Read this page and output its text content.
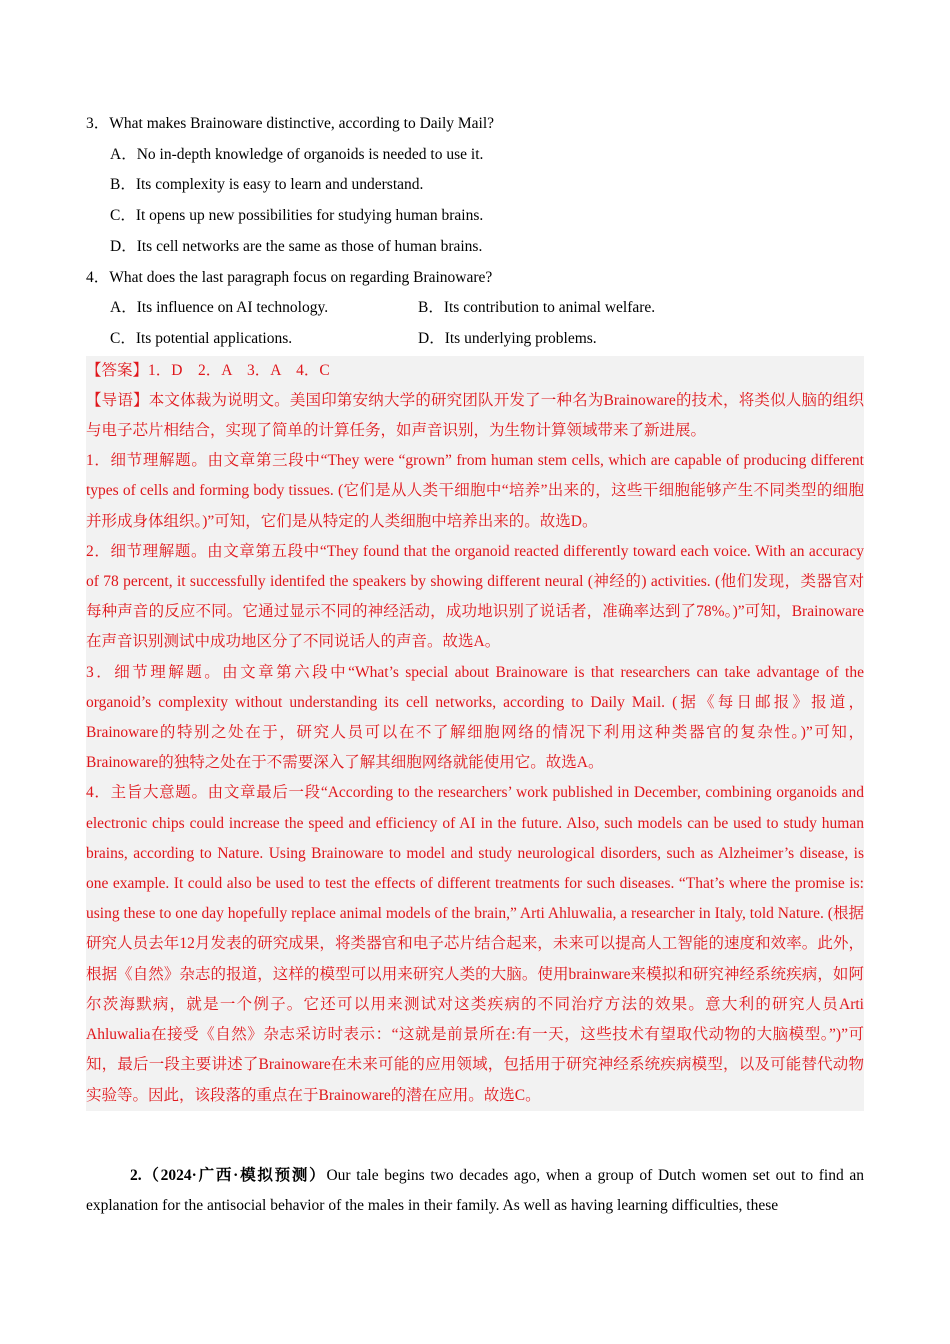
3．What makes Brainoware distinctive, according to Daily Mail?
A．No in-depth knowledge of organoids is needed to use it.
B．Its complexity is easy to learn and understand.
C．It opens up new possibilities for studying human brains.
D．Its cell networks are the same as those of human brains.
4．What does the last paragraph focus on regarding Brainoware?
A．Its influence on AI technology.	B．Its contribution to animal welfare.
C．Its potential applications.	D．Its underlying problems.

【答案】1．D　2．A　3．A　4．C

【导语】本文体裁为说明文。美国印第安纳大学的研究团队开发了一种名为Brainoware的技术，将类似人脑的组织与电子芯片相结合，实现了简单的计算任务，如声音识别，为生物计算领域带来了新进展。

1．细节理解题。由文章第三段中“They were “grown” from human stem cells, which are capable of producing different types of cells and forming body tissues. (它们是从人类干细胞中“培养”出来的，这些干细胞能够产生不同类型的细胞并形成身体组织。)”可知，它们是从特定的人类细胞中培养出来的。故选D。

2．细节理解题。由文章第五段中“They found that the organoid reacted differently toward each voice. With an accuracy of 78 percent, it successfully identifed the speakers by showing different neural (神经的) activities. (他们发现，类器官对每种声音的反应不同。它通过显示不同的神经活动，成功地识别了说话者，准确率达到了78%。)”可知，Brainoware在声音识别测试中成功地区分了不同说话人的声音。故选A。

3．细节理解题。由文章第六段中“What’s special about Brainoware is that researchers can take advantage of the organoid’s complexity without understanding its cell networks, according to Daily Mail. (据《每日邮报》报道，Brainoware的特别之处在于，研究人员可以在不了解细胞网络的情况下利用这种类器官的复杂性。)”可知，Brainoware的独特之处在于不需要深入了解其细胞网络就能使用它。故选A。

4．主旨大意题。由文章最后一段“According to the researchers’ work published in December, combining organoids and electronic chips could increase the speed and efficiency of AI in the future. Also, such models can be used to study human brains, according to Nature. Using Brainoware to model and study neurological disorders, such as Alzheimer’s disease, is one example. It could also be used to test the effects of different treatments for such diseases. “That’s where the promise is: using these to one day hopefully replace animal models of the brain,” Arti Ahluwalia, a researcher in Italy, told Nature. (根据研究人员去年12月发表的研究成果，将类器官和电子芯片结合起来，未来可以提高人工智能的速度和效率。此外，根据《自然》杂志的报道，这样的模型可以用来研究人类的大脑。使用brainware来模拟和研究神经系统疾病，如阿尔茨海默病，就是一个例子。它还可以用来测试对这类疾病的不同治疗方法的效果。意大利的研究人员Arti Ahluwalia在接受《自然》杂志采访时表示：“这就是前景所在:有一天，这些技术有望取代动物的大脑模型。”)”可知，最后一段主要讲述了Brainoware在未来可能的应用领域，包括用于研究神经系统疾病模型，以及可能替代动物实验等。因此，该段落的重点在于Brainoware的潜在应用。故选C。

2.（2024·广西·模拟预测）Our tale begins two decades ago, when a group of Dutch women set out to find an explanation for the antisocial behavior of the males in their family. As well as having learning difficulties, these
